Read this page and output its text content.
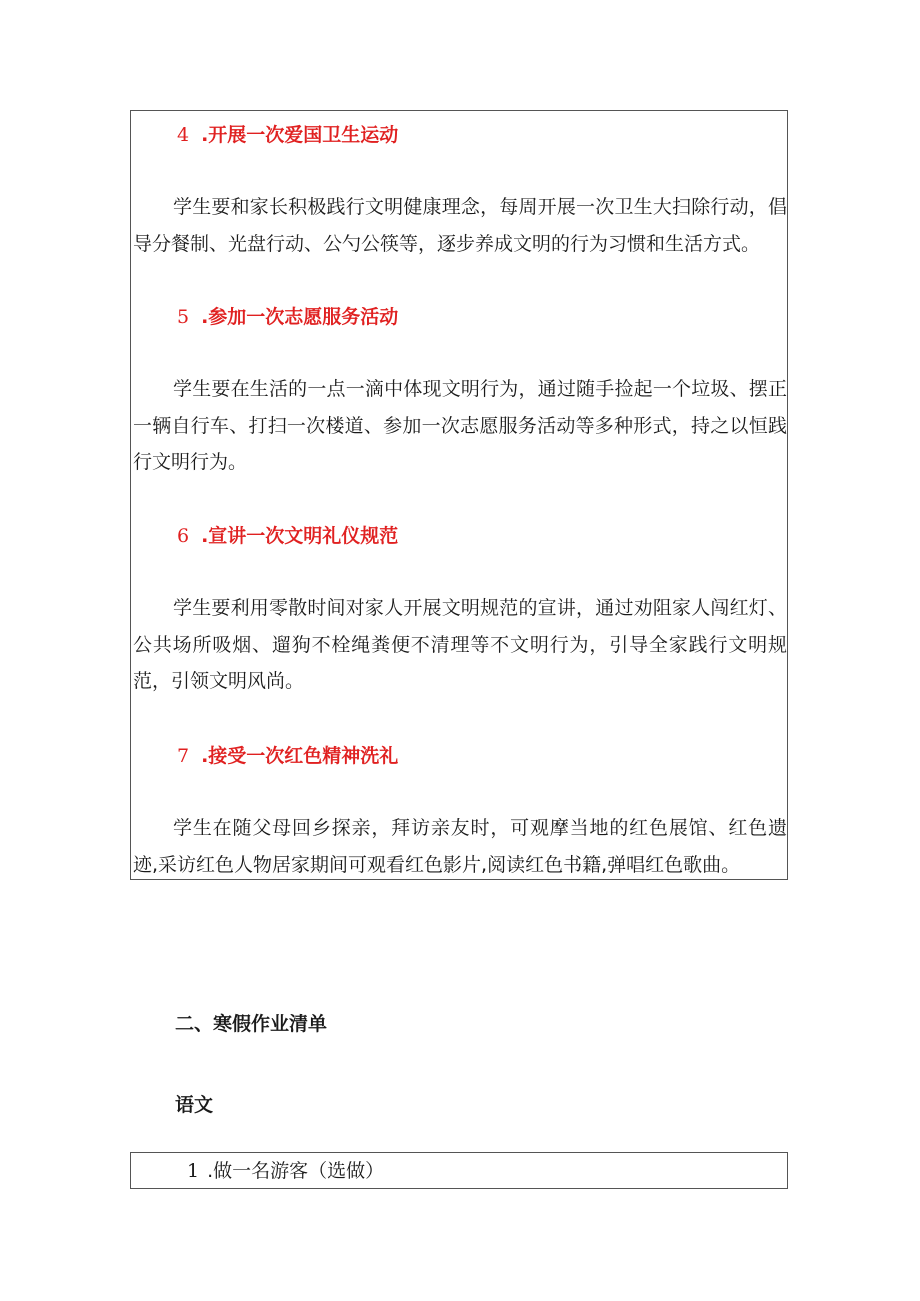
4 .开展一次爱国卫生运动
学生要和家长积极践行文明健康理念，每周开展一次卫生大扫除行动，倡导分餐制、光盘行动、公勺公筷等，逐步养成文明的行为习惯和生活方式。
5 .参加一次志愿服务活动
学生要在生活的一点一滴中体现文明行为，通过随手捡起一个垃圾、摆正一辆自行车、打扫一次楼道、参加一次志愿服务活动等多种形式，持之以恒践行文明行为。
6 .宣讲一次文明礼仪规范
学生要利用零散时间对家人开展文明规范的宣讲，通过劝阻家人闯红灯、公共场所吸烟、遛狗不栓绳粪便不清理等不文明行为，引导全家践行文明规范，引领文明风尚。
7 .接受一次红色精神洗礼
学生在随父母回乡探亲，拜访亲友时，可观摩当地的红色展馆、红色遗迹,采访红色人物居家期间可观看红色影片,阅读红色书籍,弹唱红色歌曲。
二、寒假作业清单
语文
1 .做一名游客（选做）
